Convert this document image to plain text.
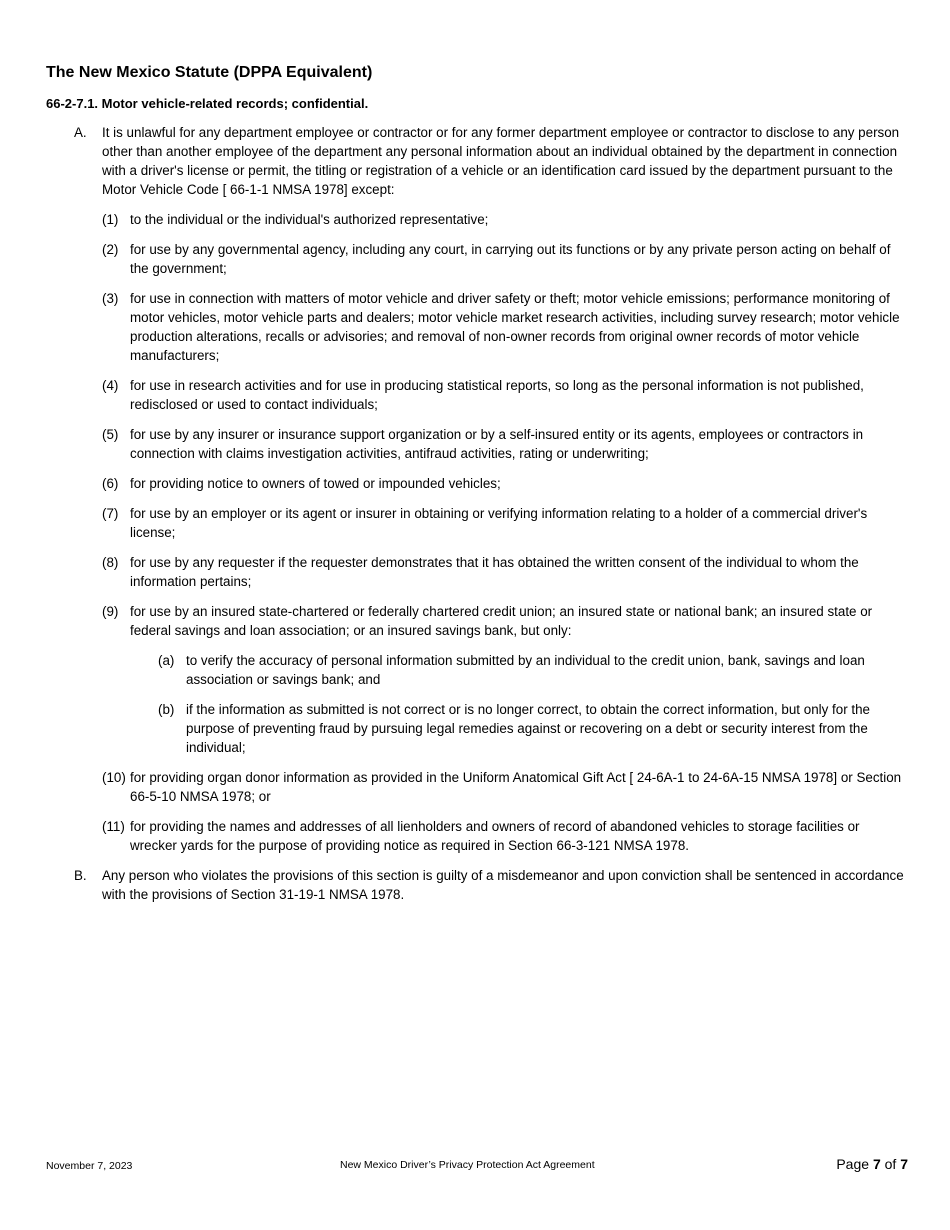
The New Mexico Statute (DPPA Equivalent)
66-2-7.1. Motor vehicle-related records; confidential.
A. It is unlawful for any department employee or contractor or for any former department employee or contractor to disclose to any person other than another employee of the department any personal information about an individual obtained by the department in connection with a driver's license or permit, the titling or registration of a vehicle or an identification card issued by the department pursuant to the Motor Vehicle Code [ 66-1-1 NMSA 1978] except:
(1) to the individual or the individual's authorized representative;
(2) for use by any governmental agency, including any court, in carrying out its functions or by any private person acting on behalf of the government;
(3) for use in connection with matters of motor vehicle and driver safety or theft; motor vehicle emissions; performance monitoring of motor vehicles, motor vehicle parts and dealers; motor vehicle market research activities, including survey research; motor vehicle production alterations, recalls or advisories; and removal of non-owner records from original owner records of motor vehicle manufacturers;
(4) for use in research activities and for use in producing statistical reports, so long as the personal information is not published, redisclosed or used to contact individuals;
(5) for use by any insurer or insurance support organization or by a self-insured entity or its agents, employees or contractors in connection with claims investigation activities, antifraud activities, rating or underwriting;
(6) for providing notice to owners of towed or impounded vehicles;
(7) for use by an employer or its agent or insurer in obtaining or verifying information relating to a holder of a commercial driver's license;
(8) for use by any requester if the requester demonstrates that it has obtained the written consent of the individual to whom the information pertains;
(9) for use by an insured state-chartered or federally chartered credit union; an insured state or national bank; an insured state or federal savings and loan association; or an insured savings bank, but only:
(a) to verify the accuracy of personal information submitted by an individual to the credit union, bank, savings and loan association or savings bank; and
(b) if the information as submitted is not correct or is no longer correct, to obtain the correct information, but only for the purpose of preventing fraud by pursuing legal remedies against or recovering on a debt or security interest from the individual;
(10) for providing organ donor information as provided in the Uniform Anatomical Gift Act [ 24-6A-1 to 24-6A-15 NMSA 1978] or Section 66-5-10 NMSA 1978; or
(11) for providing the names and addresses of all lienholders and owners of record of abandoned vehicles to storage facilities or wrecker yards for the purpose of providing notice as required in Section 66-3-121 NMSA 1978.
B. Any person who violates the provisions of this section is guilty of a misdemeanor and upon conviction shall be sentenced in accordance with the provisions of Section 31-19-1 NMSA 1978.
November 7, 2023	New Mexico Driver’s Privacy Protection Act Agreement	Page 7 of 7
